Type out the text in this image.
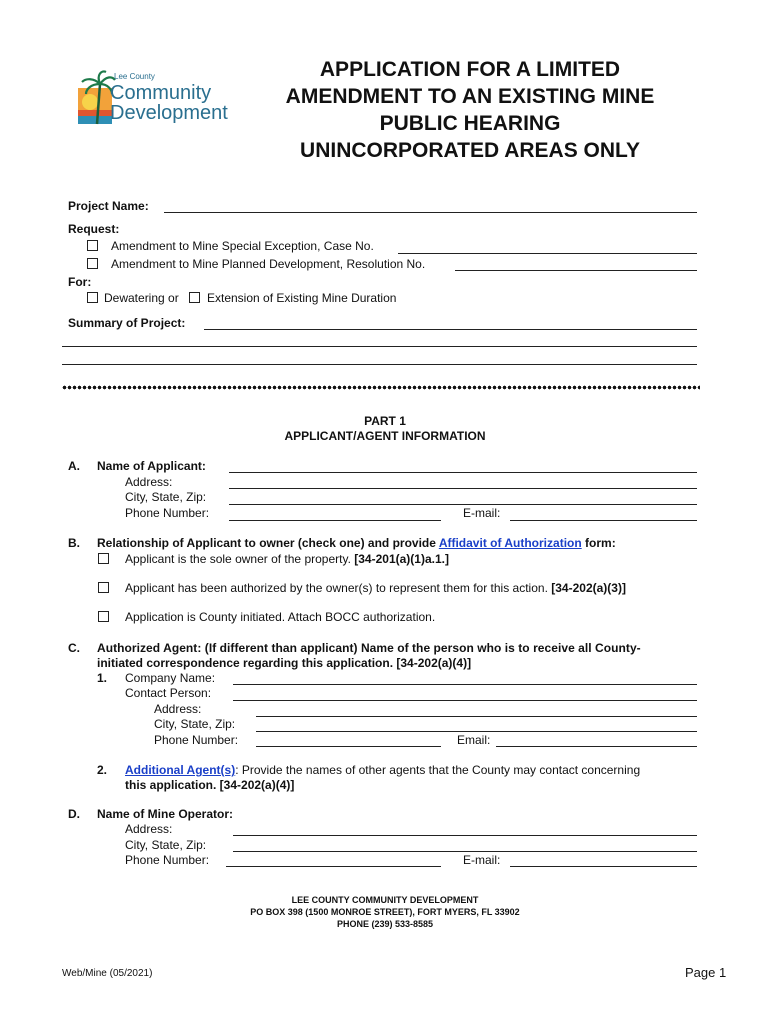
Lee County
Community
Development
APPLICATION FOR A LIMITED
AMENDMENT TO AN EXISTING MINE
PUBLIC HEARING
UNINCORPORATED AREAS ONLY
Project Name:
Request:
Amendment to Mine Special Exception, Case No.
Amendment to Mine Planned Development, Resolution No.
For:
Dewatering or Extension of Existing Mine Duration
Summary of Project:
PART 1
APPLICANT/AGENT INFORMATION
A. Name of Applicant:
Address:
City, State, Zip:
Phone Number:	E-mail:
B. Relationship of Applicant to owner (check one) and provide Affidavit of Authorization form:
Applicant is the sole owner of the property. [34-201(a)(1)a.1.]
Applicant has been authorized by the owner(s) to represent them for this action. [34-202(a)(3)]
Application is County initiated. Attach BOCC authorization.
C. Authorized Agent: (If different than applicant) Name of the person who is to receive all County-
initiated correspondence regarding this application. [34-202(a)(4)]
1. Company Name:
Contact Person:
Address:
City, State, Zip:
Phone Number:	Email:
2. Additional Agent(s): Provide the names of other agents that the County may contact concerning
this application. [34-202(a)(4)]
D. Name of Mine Operator:
Address:
City, State, Zip:
Phone Number:	E-mail:
LEE COUNTY COMMUNITY DEVELOPMENT
PO BOX 398 (1500 MONROE STREET), FORT MYERS, FL 33902
PHONE (239) 533-8585
Web/Mine (05/2021)	Page 1
